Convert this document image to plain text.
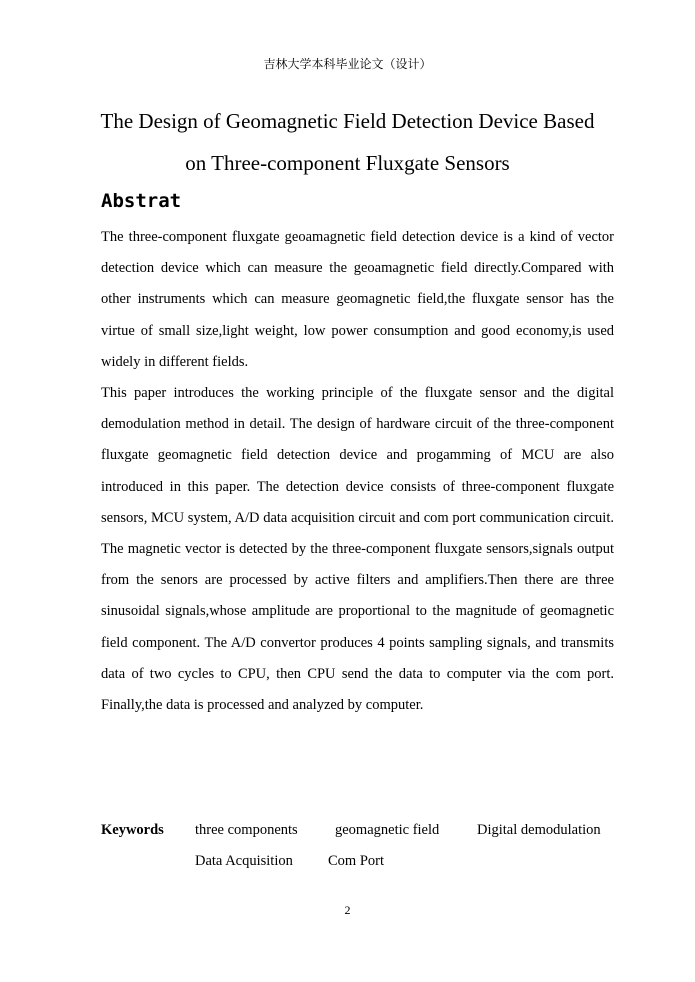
吉林大学本科毕业论文（设计）
The Design of Geomagnetic Field Detection Device Based
on Three-component Fluxgate Sensors
Abstrat

The three-component fluxgate geoamagnetic field detection device is a kind of vector detection device which can measure the geoamagnetic field directly.Compared with other instruments which can measure geomagnetic field,the fluxgate sensor has the virtue of small size,light weight, low power consumption and good economy,is used widely in different fields.

This paper introduces the working principle of the fluxgate sensor and the digital demodulation method in detail. The design of hardware circuit of the three-component fluxgate geomagnetic field detection device and progamming of MCU are also introduced in this paper. The detection device consists of three-component fluxgate sensors, MCU system, A/D data acquisition circuit and com port communication circuit. The magnetic vector is detected by the three-component fluxgate sensors,signals output from the senors are processed by active filters and amplifiers.Then there are three sinusoidal signals,whose amplitude are proportional to the magnitude of geomagnetic field component. The A/D convertor produces 4 points sampling signals, and transmits data of two cycles to CPU, then CPU send the data to computer via the com port. Finally,the data is processed and analyzed by computer.

Keywords three components	geomagnetic field	Digital demodulation
Data Acquisition Com Port
2
